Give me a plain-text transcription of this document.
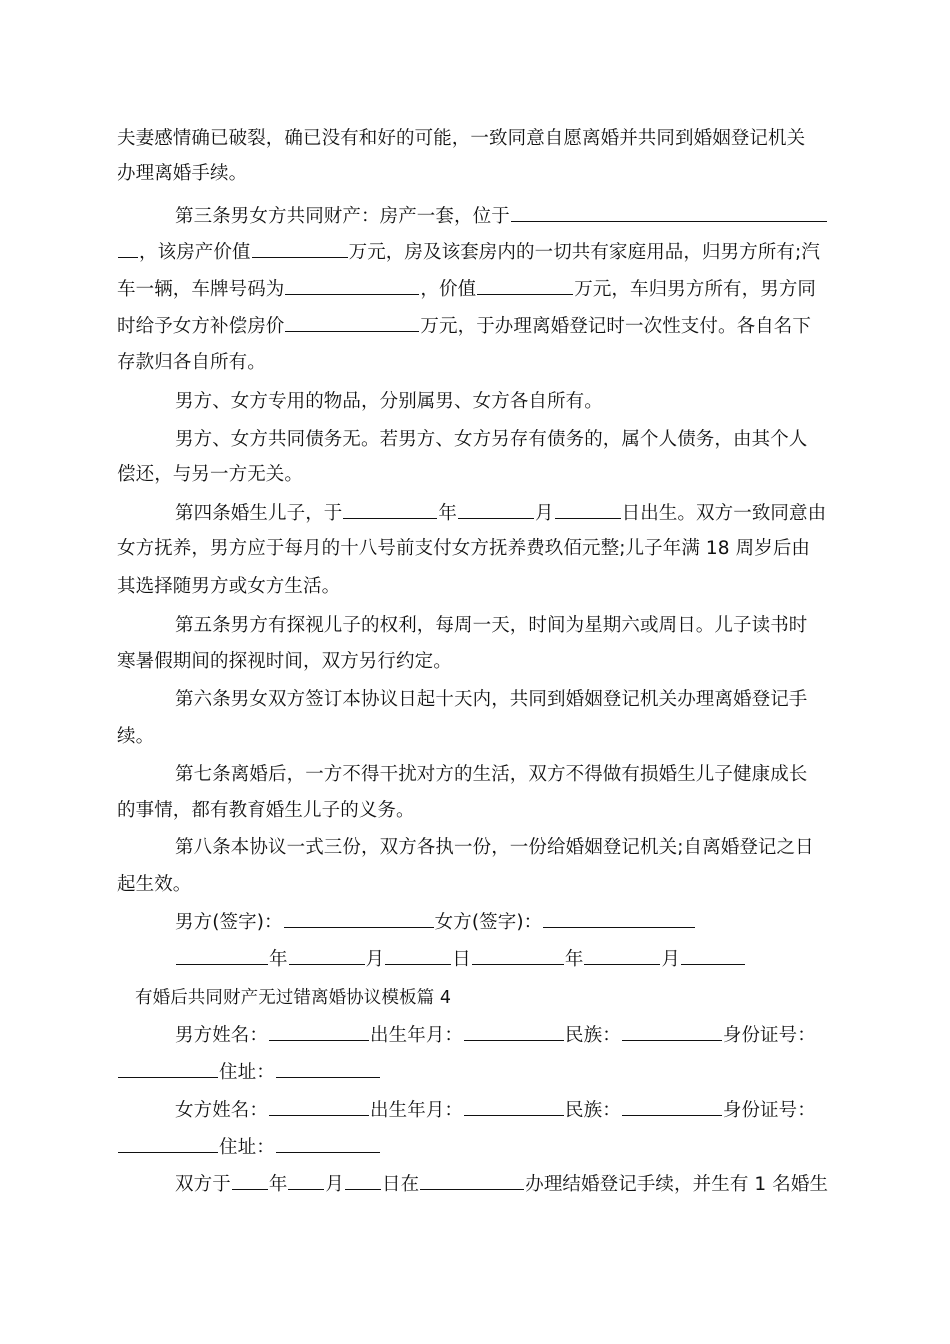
夫妻感情确已破裂，确已没有和好的可能，一致同意自愿离婚并共同到婚姻登记机关
办理离婚手续。
第三条男女方共同财产：房产一套，位于
，该房产价值	万元，房及该套房内的一切共有家庭用品，归男方所有;汽
车一辆，车牌号码为	，价值	万元，车归男方所有，男方同
时给予女方补偿房价	万元，于办理离婚登记时一次性支付。各自名下
存款归各自所有。
男方、女方专用的物品，分别属男、女方各自所有。
男方、女方共同债务无。若男方、女方另存有债务的，属个人债务，由其个人
偿还，与另一方无关。
第四条婚生儿子，于	年	月	日出生。双方一致同意由
女方抚养，男方应于每月的十八号前支付女方抚养费玖佰元整;儿子年满 18 周岁后由
其选择随男方或女方生活。
第五条男方有探视儿子的权利，每周一天，时间为星期六或周日。儿子读书时
寒暑假期间的探视时间，双方另行约定。
第六条男女双方签订本协议日起十天内，共同到婚姻登记机关办理离婚登记手
续。
第七条离婚后，一方不得干扰对方的生活，双方不得做有损婚生儿子健康成长
的事情，都有教育婚生儿子的义务。
第八条本协议一式三份，双方各执一份，一份给婚姻登记机关;自离婚登记之日
起生效。
男方(签字)：	女方(签字)：
年	月	日	年	月
有婚后共同财产无过错离婚协议模板篇 4
男方姓名：	出生年月：	民族：	身份证号：
住址：
女方姓名：	出生年月：	民族：	身份证号：
住址：
双方于 年 月 日在	办理结婚登记手续，并生有 1 名婚生
